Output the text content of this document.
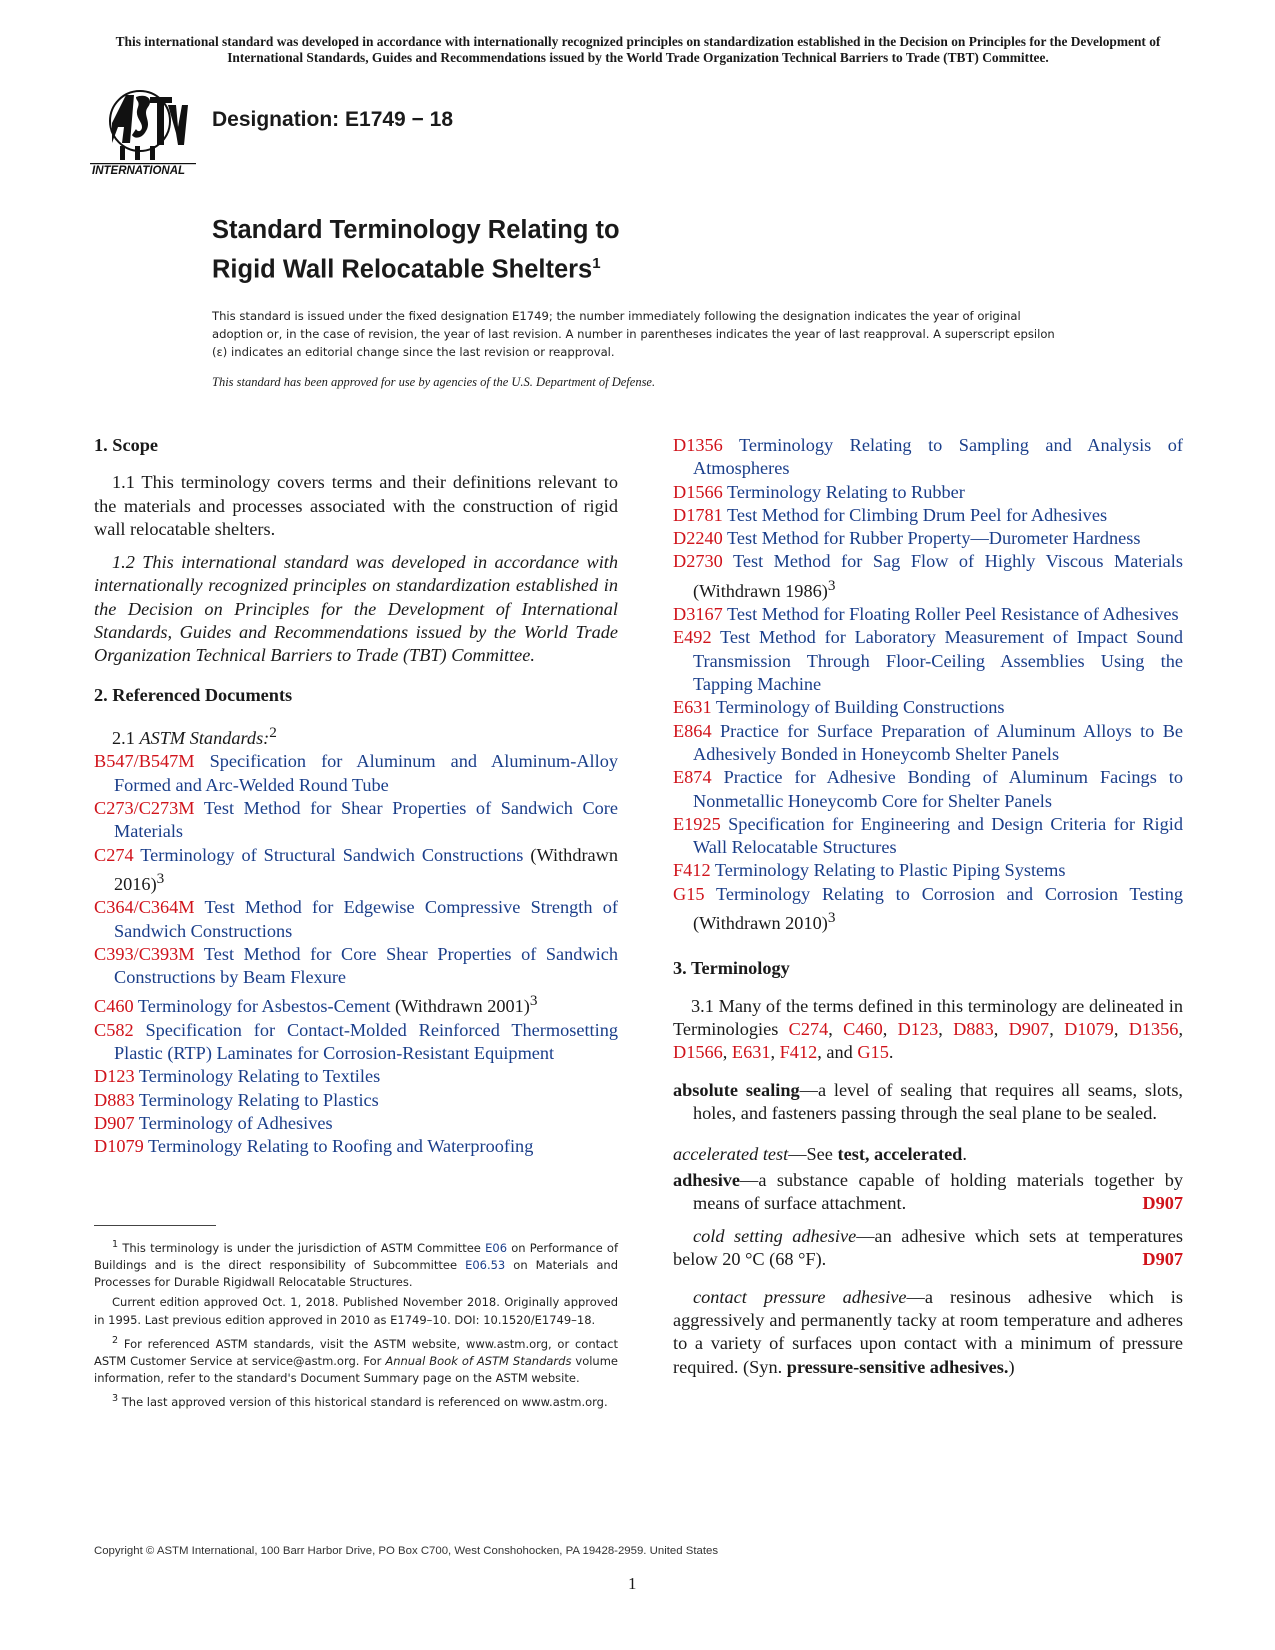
This international standard was developed in accordance with internationally recognized principles on standardization established in the Decision on Principles for the Development of International Standards, Guides and Recommendations issued by the World Trade Organization Technical Barriers to Trade (TBT) Committee.
INTERNATIONAL
Designation: E1749 − 18
Standard Terminology Relating to
Rigid Wall Relocatable Shelters$^1$
This standard is issued under the fixed designation E1749; the number immediately following the designation indicates the year of original adoption or, in the case of revision, the year of last revision. A number in parentheses indicates the year of last reapproval. A superscript epsilon (ε) indicates an editorial change since the last revision or reapproval.
This standard has been approved for use by agencies of the U.S. Department of Defense.

1. Scope

1.1 This terminology covers terms and their definitions relevant to the materials and processes associated with the construction of rigid wall relocatable shelters.

1.2 This international standard was developed in accordance with internationally recognized principles on standardization established in the Decision on Principles for the Development of International Standards, Guides and Recommendations issued by the World Trade Organization Technical Barriers to Trade (TBT) Committee.

2. Referenced Documents

2.1 ASTM Standards:$^2$

B547/B547M Specification for Aluminum and Aluminum-Alloy Formed and Arc-Welded Round Tube

C273/C273M Test Method for Shear Properties of Sandwich Core Materials

C274 Terminology of Structural Sandwich Constructions (Withdrawn 2016)$^3$

C364/C364M Test Method for Edgewise Compressive Strength of Sandwich Constructions

C393/C393M Test Method for Core Shear Properties of Sandwich Constructions by Beam Flexure

C460 Terminology for Asbestos-Cement (Withdrawn 2001)$^3$

C582 Specification for Contact-Molded Reinforced Thermosetting Plastic (RTP) Laminates for Corrosion-Resistant Equipment

D123 Terminology Relating to Textiles

D883 Terminology Relating to Plastics

D907 Terminology of Adhesives

D1079 Terminology Relating to Roofing and Waterproofing

D1356 Terminology Relating to Sampling and Analysis of Atmospheres

D1566 Terminology Relating to Rubber

D1781 Test Method for Climbing Drum Peel for Adhesives

D2240 Test Method for Rubber Property—Durometer Hardness

D2730 Test Method for Sag Flow of Highly Viscous Materials (Withdrawn 1986)$^3$

D3167 Test Method for Floating Roller Peel Resistance of Adhesives

E492 Test Method for Laboratory Measurement of Impact Sound Transmission Through Floor-Ceiling Assemblies Using the Tapping Machine

E631 Terminology of Building Constructions

E864 Practice for Surface Preparation of Aluminum Alloys to Be Adhesively Bonded in Honeycomb Shelter Panels

E874 Practice for Adhesive Bonding of Aluminum Facings to Nonmetallic Honeycomb Core for Shelter Panels

E1925 Specification for Engineering and Design Criteria for Rigid Wall Relocatable Structures

F412 Terminology Relating to Plastic Piping Systems

G15 Terminology Relating to Corrosion and Corrosion Testing (Withdrawn 2010)$^3$

3. Terminology

3.1 Many of the terms defined in this terminology are delineated in Terminologies C274, C460, D123, D883, D907, D1079, D1356, D1566, E631, F412, and G15.

absolute sealing—a level of sealing that requires all seams, slots, holes, and fasteners passing through the seal plane to be sealed.

accelerated test—See test, accelerated.

adhesive—a substance capable of holding materials together by means of surface attachment.	D907

cold setting adhesive—an adhesive which sets at temperatures below 20 °C (68 °F).	D907

contact pressure adhesive—a resinous adhesive which is aggressively and permanently tacky at room temperature and adheres to a variety of surfaces upon contact with a minimum of pressure required. (Syn. pressure-sensitive adhesives.)

$^1$ This terminology is under the jurisdiction of ASTM Committee E06 on Performance of Buildings and is the direct responsibility of Subcommittee E06.53 on Materials and Processes for Durable Rigidwall Relocatable Structures.

Current edition approved Oct. 1, 2018. Published November 2018. Originally approved in 1995. Last previous edition approved in 2010 as E1749–10. DOI: 10.1520/E1749–18.

$^2$ For referenced ASTM standards, visit the ASTM website, www.astm.org, or contact ASTM Customer Service at service@astm.org. For Annual Book of ASTM Standards volume information, refer to the standard's Document Summary page on the ASTM website.

$^3$ The last approved version of this historical standard is referenced on www.astm.org.

Copyright © ASTM International, 100 Barr Harbor Drive, PO Box C700, West Conshohocken, PA 19428-2959. United States
1
